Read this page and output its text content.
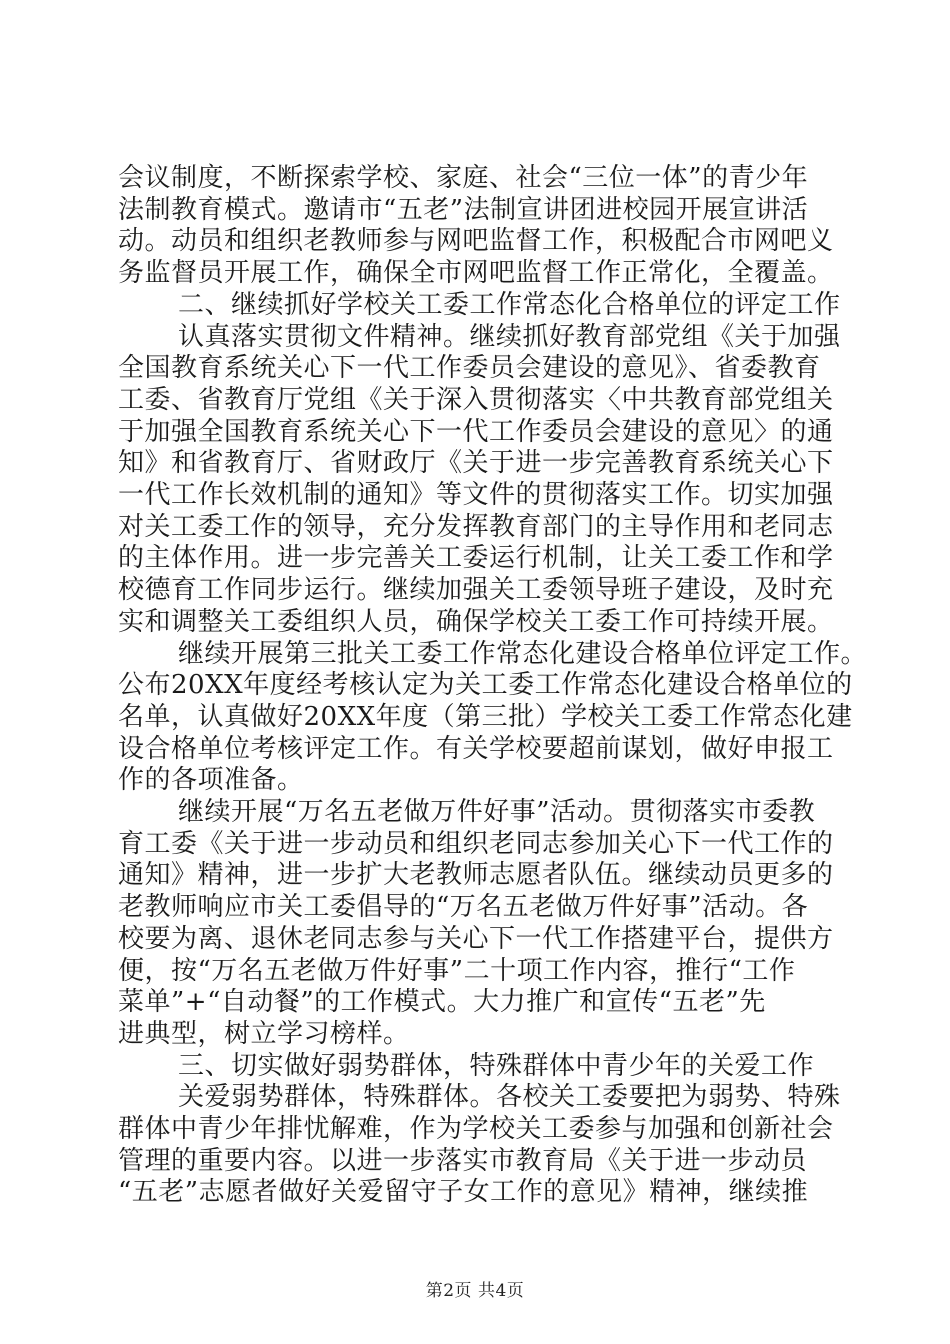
会议制度，不断探索学校、家庭、社会“三位一体”的青少年
法制教育模式。邀请市“五老”法制宣讲团进校园开展宣讲活
动。动员和组织老教师参与网吧监督工作，积极配合市网吧义
务监督员开展工作，确保全市网吧监督工作正常化，全覆盖。
二、继续抓好学校关工委工作常态化合格单位的评定工作
认真落实贯彻文件精神。继续抓好教育部党组《关于加强
全国教育系统关心下一代工作委员会建设的意见》、省委教育
工委、省教育厅党组《关于深入贯彻落实〈中共教育部党组关
于加强全国教育系统关心下一代工作委员会建设的意见〉的通
知》和省教育厅、省财政厅《关于进一步完善教育系统关心下
一代工作长效机制的通知》等文件的贯彻落实工作。切实加强
对关工委工作的领导，充分发挥教育部门的主导作用和老同志
的主体作用。进一步完善关工委运行机制，让关工委工作和学
校德育工作同步运行。继续加强关工委领导班子建设，及时充
实和调整关工委组织人员，确保学校关工委工作可持续开展。
继续开展第三批关工委工作常态化建设合格单位评定工作。
公布20XX年度经考核认定为关工委工作常态化建设合格单位的
名单，认真做好20XX年度（第三批）学校关工委工作常态化建
设合格单位考核评定工作。有关学校要超前谋划，做好申报工
作的各项准备。
继续开展“万名五老做万件好事”活动。贯彻落实市委教
育工委《关于进一步动员和组织老同志参加关心下一代工作的
通知》精神，进一步扩大老教师志愿者队伍。继续动员更多的
老教师响应市关工委倡导的“万名五老做万件好事”活动。各
校要为离、退休老同志参与关心下一代工作搭建平台，提供方
便，按“万名五老做万件好事”二十项工作内容，推行“工作
菜单”+“自动餐”的工作模式。大力推广和宣传“五老”先
进典型，树立学习榜样。
三、切实做好弱势群体，特殊群体中青少年的关爱工作
关爱弱势群体，特殊群体。各校关工委要把为弱势、特殊
群体中青少年排忧解难，作为学校关工委参与加强和创新社会
管理的重要内容。以进一步落实市教育局《关于进一步动员
“五老”志愿者做好关爱留守子女工作的意见》精神，继续推
第2页 共4页
